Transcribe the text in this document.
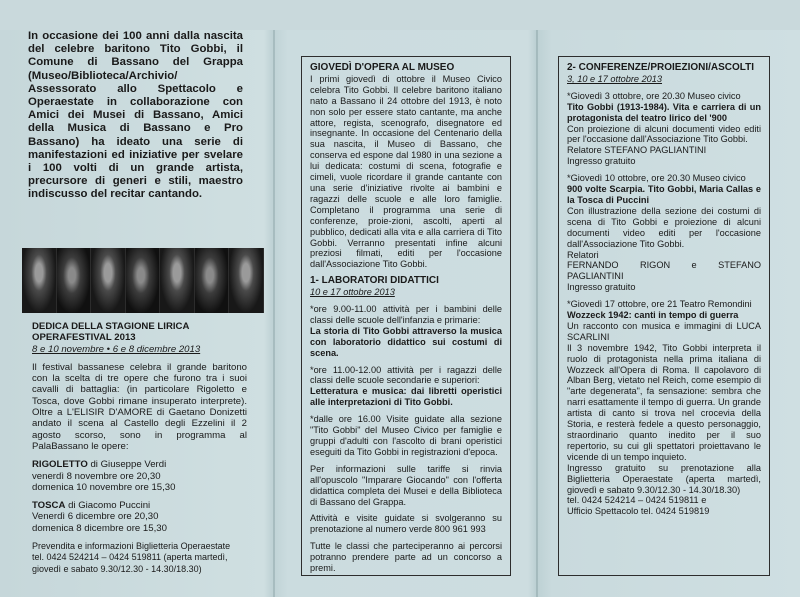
In occasione dei 100 anni dalla nascita del celebre baritono Tito Gobbi, il Comune di Bassano del Grappa (Museo/Biblioteca/Archivio/ Assessorato allo Spettacolo e Operaestate in collaborazione con Amici dei Musei di Bassano, Amici della Musica di Bassano e Pro Bassano) ha ideato una serie di manifestazioni ed iniziative per svelare i 100 volti di un grande artista, precursore di generi e stili, maestro indiscusso del recitar cantando.

DEDICA DELLA STAGIONE LIRICA

OPERAFESTIVAL 2013

8 e 10 novembre • 6 e 8 dicembre 2013

Il festival bassanese celebra il grande baritono con la scelta di tre opere che furono tra i suoi cavalli di battaglia: (in particolare Rigoletto e Tosca, dove Gobbi rimane insuperato interprete). Oltre a L'ELISIR D'AMORE di Gaetano Donizetti andato il scena al Castello degli Ezzelini il 2 agosto scorso, sono in programma al PalaBassano le opere:

RIGOLETTO di Giuseppe Verdi

venerdì 8 novembre ore 20,30

domenica 10 novembre ore 15,30

TOSCA di Giacomo Puccini

Venerdì 6 dicembre ore 20,30

domenica 8 dicembre ore 15,30

Prevendita e informazioni Biglietteria Operaestate

tel. 0424 524214 – 0424 519811 (aperta martedì, giovedì e sabato 9.30/12.30 - 14.30/18.30)

GIOVEDÌ D'OPERA AL MUSEO

I primi giovedì di ottobre il Museo Civico celebra Tito Gobbi. Il celebre baritono italiano nato a Bassano il 24 ottobre del 1913, è noto non solo per essere stato cantante, ma anche attore, regista, scenografo, disegnatore ed insegnante. In occasione del Centenario della sua nascita, il Museo di Bassano, che conserva ed espone dal 1980 in una sezione a lui dedicata: costumi di scena, fotografie e cimeli, vuole ricordare il grande cantante con una serie d'iniziative rivolte ai bambini e ragazzi delle scuole e alle loro famiglie. Completano il programma una serie di conferenze, proie-zioni, ascolti, aperti al pubblico, dedicati alla vita e alla carriera di Tito Gobbi. Verranno presentati infine alcuni preziosi filmati, editi per l'occasione dall'Associazione Tito Gobbi.

1- LABORATORI DIDATTICI

10 e 17 ottobre 2013

*ore 9.00-11.00 attività per i bambini delle classi delle scuole dell'infanzia e primarie:

La storia di Tito Gobbi attraverso la musica con laboratorio didattico sui costumi di scena.

*ore 11.00-12.00 attività per i ragazzi delle classi delle scuole secondarie e superiori:

Letteratura e musica: dai libretti operistici alle interpretazioni di Tito Gobbi.

*dalle ore 16.00 Visite guidate alla sezione "Tito Gobbi" del Museo Civico per famiglie e gruppi d'adulti con l'ascolto di brani operistici eseguiti da Tito Gobbi in registrazioni d'epoca.

Per informazioni sulle tariffe si rinvia all'opuscolo "Imparare Giocando" con l'offerta didattica completa dei Musei e della Biblioteca di Bassano del Grappa.

Attività e visite guidate si svolgeranno su prenotazione al numero verde 800 961 993

Tutte le classi che parteciperanno ai percorsi potranno prendere parte ad un concorso a premi.

2- CONFERENZE/PROIEZIONI/ASCOLTI

3, 10 e 17 ottobre 2013

*Giovedì 3 ottobre, ore 20.30 Museo civico

Tito Gobbi (1913-1984). Vita e carriera di un protagonista del teatro lirico del '900

Con proiezione di alcuni documenti video editi per l'occasione dall'Associazione Tito Gobbi.

Relatore STEFANO PAGLIANTINI

Ingresso gratuito

*Giovedì 10 ottobre, ore 20.30 Museo civico

900 volte Scarpia. Tito Gobbi, Maria Callas e la Tosca di Puccini

Con illustrazione della sezione dei costumi di scena di Tito Gobbi e proiezione di alcuni documenti video editi per l'occasione dall'Associazione Tito Gobbi.

Relatori

FERNANDO RIGON e STEFANO PAGLIANTINI

Ingresso gratuito

*Giovedì 17 ottobre, ore 21 Teatro Remondini

Wozzeck 1942: canti in tempo di guerra

Un racconto con musica e immagini di LUCA SCARLINI

Il 3 novembre 1942, Tito Gobbi interpreta il ruolo di protagonista nella prima italiana di Wozzeck all'Opera di Roma. Il capolavoro di Alban Berg, vietato nel Reich, come esempio di "arte degenerata", fa sensazione: sembra che narri esattamente il tempo di guerra. Un grande artista di canto si trova nel crocevia della Storia, e resterà fedele a questo personaggio, straordinario quanto inedito per il suo repertorio, su cui gli spettatori proiettavano le vicende di un tempo inquieto.

Ingresso gratuito su prenotazione alla Biglietteria Operaestate (aperta martedì, giovedì e sabato 9.30/12.30 - 14.30/18.30)

tel. 0424 524214 – 0424 519811 e

Ufficio Spettacolo tel. 0424 519819
